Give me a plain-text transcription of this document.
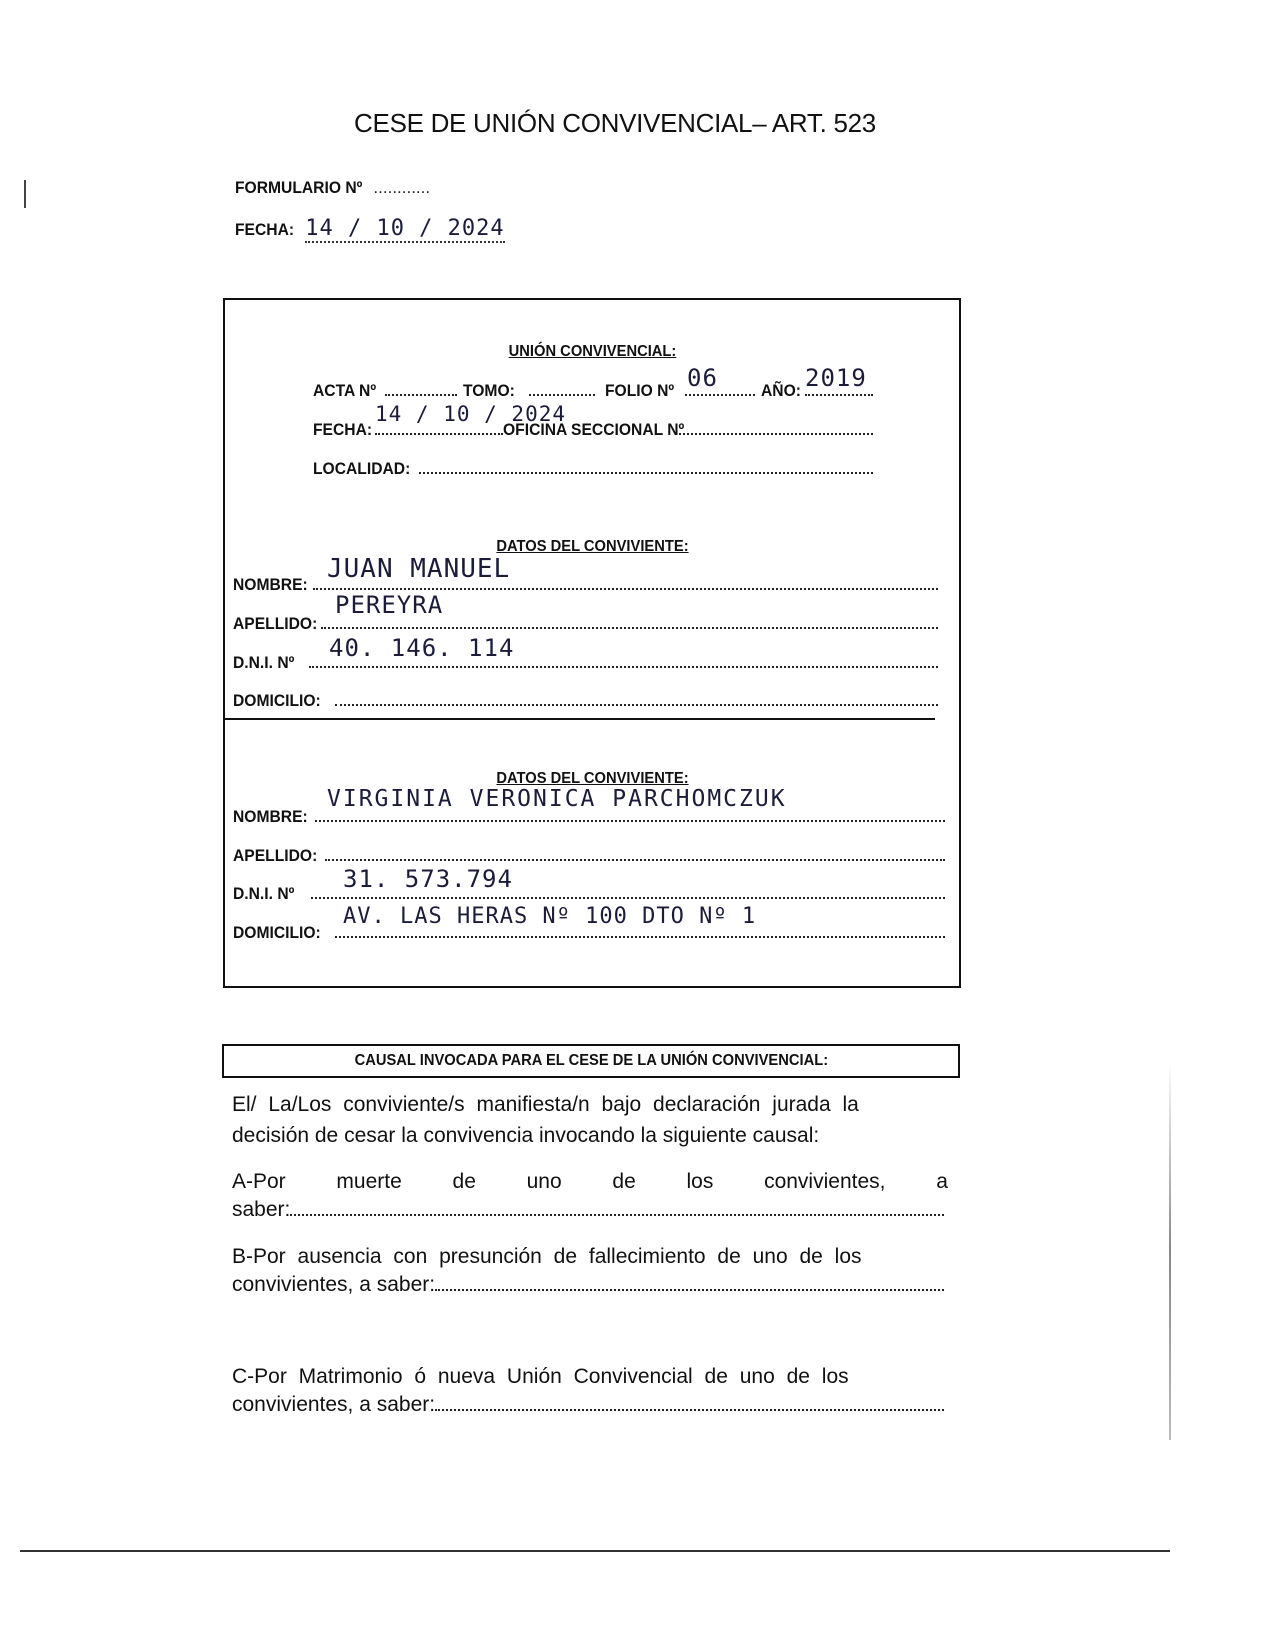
CESE DE UNIÓN CONVIVENCIAL– ART. 523
FORMULARIO Nº ............
FECHA: 14 / 10 / 2024
UNIÓN CONVIVENCIAL:
ACTA Nº	TOMO:	FOLIO Nº 06	AÑO: 2019
FECHA:
14 / 10 / 2024
OFICINA SECCIONAL Nº
LOCALIDAD:
DATOS DEL CONVIVIENTE:
NOMBRE:
JUAN MANUEL
APELLIDO:
PEREYRA
D.N.I. Nº
40. 146. 114
DOMICILIO:
DATOS DEL CONVIVIENTE:
NOMBRE:
VIRGINIA VERONICA PARCHOMCZUK
APELLIDO:
D.N.I. Nº
31. 573.794
DOMICILIO:
AV. LAS HERAS Nº 100 DTO Nº 1
CAUSAL INVOCADA PARA EL CESE DE LA UNIÓN CONVIVENCIAL:
El/ La/Los conviviente/s manifiesta/n bajo declaración jurada la
decisión de cesar la convivencia invocando la siguiente causal:
A-Por muerte de uno de los convivientes, a
saber:
B-Por ausencia con presunción de fallecimiento de uno de los
convivientes, a saber:
C-Por Matrimonio ó nueva Unión Convivencial de uno de los
convivientes, a saber:
